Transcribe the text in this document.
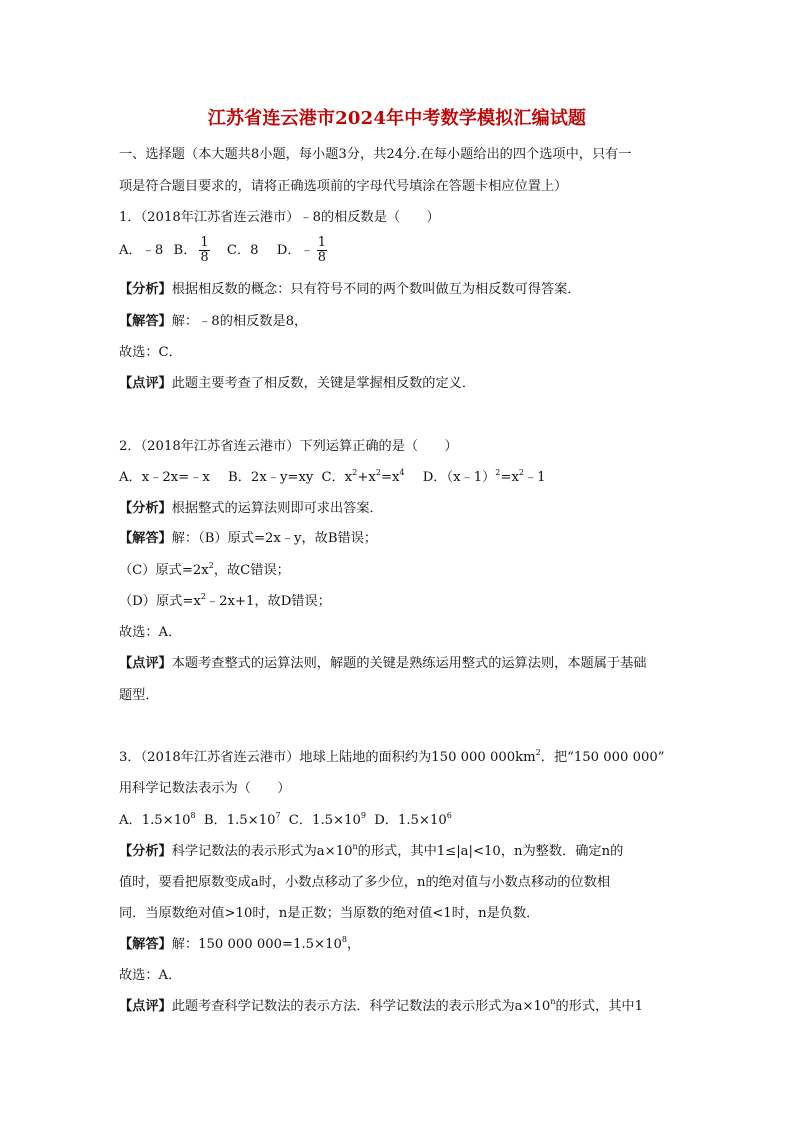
江苏省连云港市2024年中考数学模拟汇编试题
一、选择题（本大题共8小题，每小题3分，共24分.在每小题给出的四个选项中，只有一
项是符合题目要求的，请将正确选项前的字母代号填涂在答题卡相应位置上）
1．（2018年江苏省连云港市）﹣8的相反数是（　　）
A．﹣8 B． $\frac{1}{8}$ C．8 D．﹣ $\frac{1}{8}$
【分析】根据相反数的概念：只有符号不同的两个数叫做互为相反数可得答案．
【解答】解：﹣8的相反数是8，
故选：C．
【点评】此题主要考查了相反数，关键是掌握相反数的定义．
2．（2018年江苏省连云港市）下列运算正确的是（　　）
A．x﹣2x=﹣x B．2x﹣y=xy C．$x^2+x^2=x^4$ D．$(x﹣1)^2=x^2﹣1$
【分析】根据整式的运算法则即可求出答案．
【解答】解：（B）原式=2x﹣y，故B错误；
（C）原式$=2x^2$，故C错误；
（D）原式$=x^2﹣2x+1$，故D错误；
故选：A．
【点评】本题考查整式的运算法则，解题的关键是熟练运用整式的运算法则，本题属于基础
题型．
3．（2018年江苏省连云港市）地球上陆地的面积约为150 000 $000km^2$．把“150 000 000”
用科学记数法表示为（　　）
A．$1.5\times 10^8$ B．$1.5\times 10^7$ C．$1.5\times 10^9$ D．$1.5\times 10^6$
【分析】科学记数法的表示形式为$a\times 10^n$的形式，其中1≤|a|<10，n为整数．确定n的
值时，要看把原数变成a时，小数点移动了多少位，n的绝对值与小数点移动的位数相
同．当原数绝对值>10时，n是正数；当原数的绝对值<1时，n是负数．
【解答】解：150 000 $000=1.5\times 10^8$，
故选：A．
【点评】此题考查科学记数法的表示方法．科学记数法的表示形式为$a\times 10^n$的形式，其中1
